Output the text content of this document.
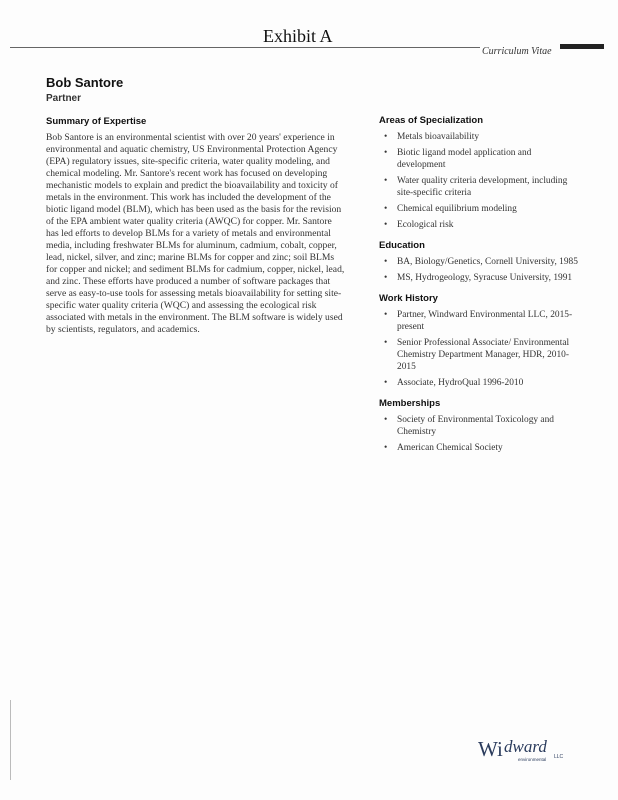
Exhibit A
Curriculum Vitae
Bob Santore
Partner
Summary of Expertise

Bob Santore is an environmental scientist with over 20 years' experience in environmental and aquatic chemistry, US Environmental Protection Agency (EPA) regulatory issues, site-specific criteria, water quality modeling, and chemical modeling. Mr. Santore's recent work has focused on developing mechanistic models to explain and predict the bioavailability and toxicity of metals in the environment. This work has included the development of the biotic ligand model (BLM), which has been used as the basis for the revision of the EPA ambient water quality criteria (AWQC) for copper. Mr. Santore has led efforts to develop BLMs for a variety of metals and environmental media, including freshwater BLMs for aluminum, cadmium, cobalt, copper, lead, nickel, silver, and zinc; marine BLMs for copper and zinc; soil BLMs for copper and nickel; and sediment BLMs for cadmium, copper, nickel, lead, and zinc. These efforts have produced a number of software packages that serve as easy-to-use tools for assessing metals bioavailability for setting site-specific water quality criteria (WQC) and assessing the ecological risk associated with metals in the environment. The BLM software is widely used by scientists, regulators, and academics.

Areas of Specialization
• Metals bioavailability
• Biotic ligand model application and development
• Water quality criteria development, including site-specific criteria
• Chemical equilibrium modeling
• Ecological risk
Education
• BA, Biology/Genetics, Cornell University, 1985
• MS, Hydrogeology, Syracuse University, 1991
Work History
• Partner, Windward Environmental LLC, 2015-present
• Senior Professional Associate/ Environmental Chemistry Department Manager, HDR, 2010-2015
• Associate, HydroQual 1996-2010
Memberships
• Society of Environmental Toxicology and Chemistry
• American Chemical Society
Wi dward
LLC
environmental
